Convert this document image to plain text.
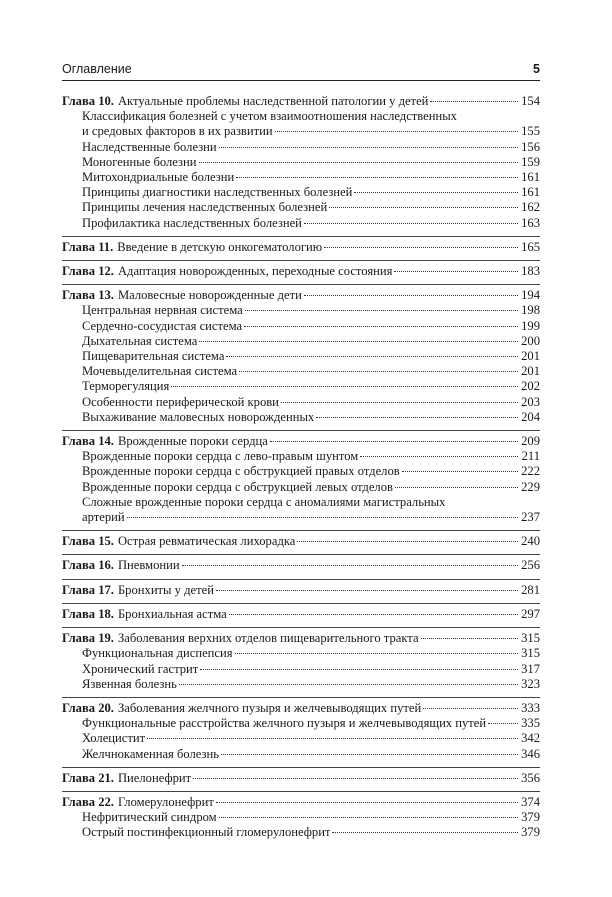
Оглавление	5
Глава 10. Актуальные проблемы наследственной патологии у детей	154
Классификация болезней с учетом взаимоотношения наследственных
и средовых факторов в их развитии	155
Наследственные болезни	156
Моногенные болезни	159
Митохондриальные болезни	161
Принципы диагностики наследственных болезней	161
Принципы лечения наследственных болезней	162
Профилактика наследственных болезней	163
Глава 11. Введение в детскую онкогематологию	165
Глава 12. Адаптация новорожденных, переходные состояния	183
Глава 13. Маловесные новорожденные дети	194
Центральная нервная система	198
Сердечно-сосудистая система	199
Дыхательная система	200
Пищеварительная система	201
Мочевыделительная система	201
Терморегуляция	202
Особенности периферической крови	203
Выхаживание маловесных новорожденных	204
Глава 14. Врожденные пороки сердца	209
Врожденные пороки сердца с лево-правым шунтом	211
Врожденные пороки сердца с обструкцией правых отделов	222
Врожденные пороки сердца с обструкцией левых отделов	229
Сложные врожденные пороки сердца с аномалиями магистральных
артерий	237
Глава 15. Острая ревматическая лихорадка	240
Глава 16. Пневмонии	256
Глава 17. Бронхиты у детей	281
Глава 18. Бронхиальная астма	297
Глава 19. Заболевания верхних отделов пищеварительного тракта	315
Функциональная диспепсия	315
Хронический гастрит	317
Язвенная болезнь	323
Глава 20. Заболевания желчного пузыря и желчевыводящих путей	333
Функциональные расстройства желчного пузыря и желчевыводящих путей	335
Холецистит	342
Желчнокаменная болезнь	346
Глава 21. Пиелонефрит	356
Глава 22. Гломерулонефрит	374
Нефритический синдром	379
Острый постинфекционный гломерулонефрит	379
